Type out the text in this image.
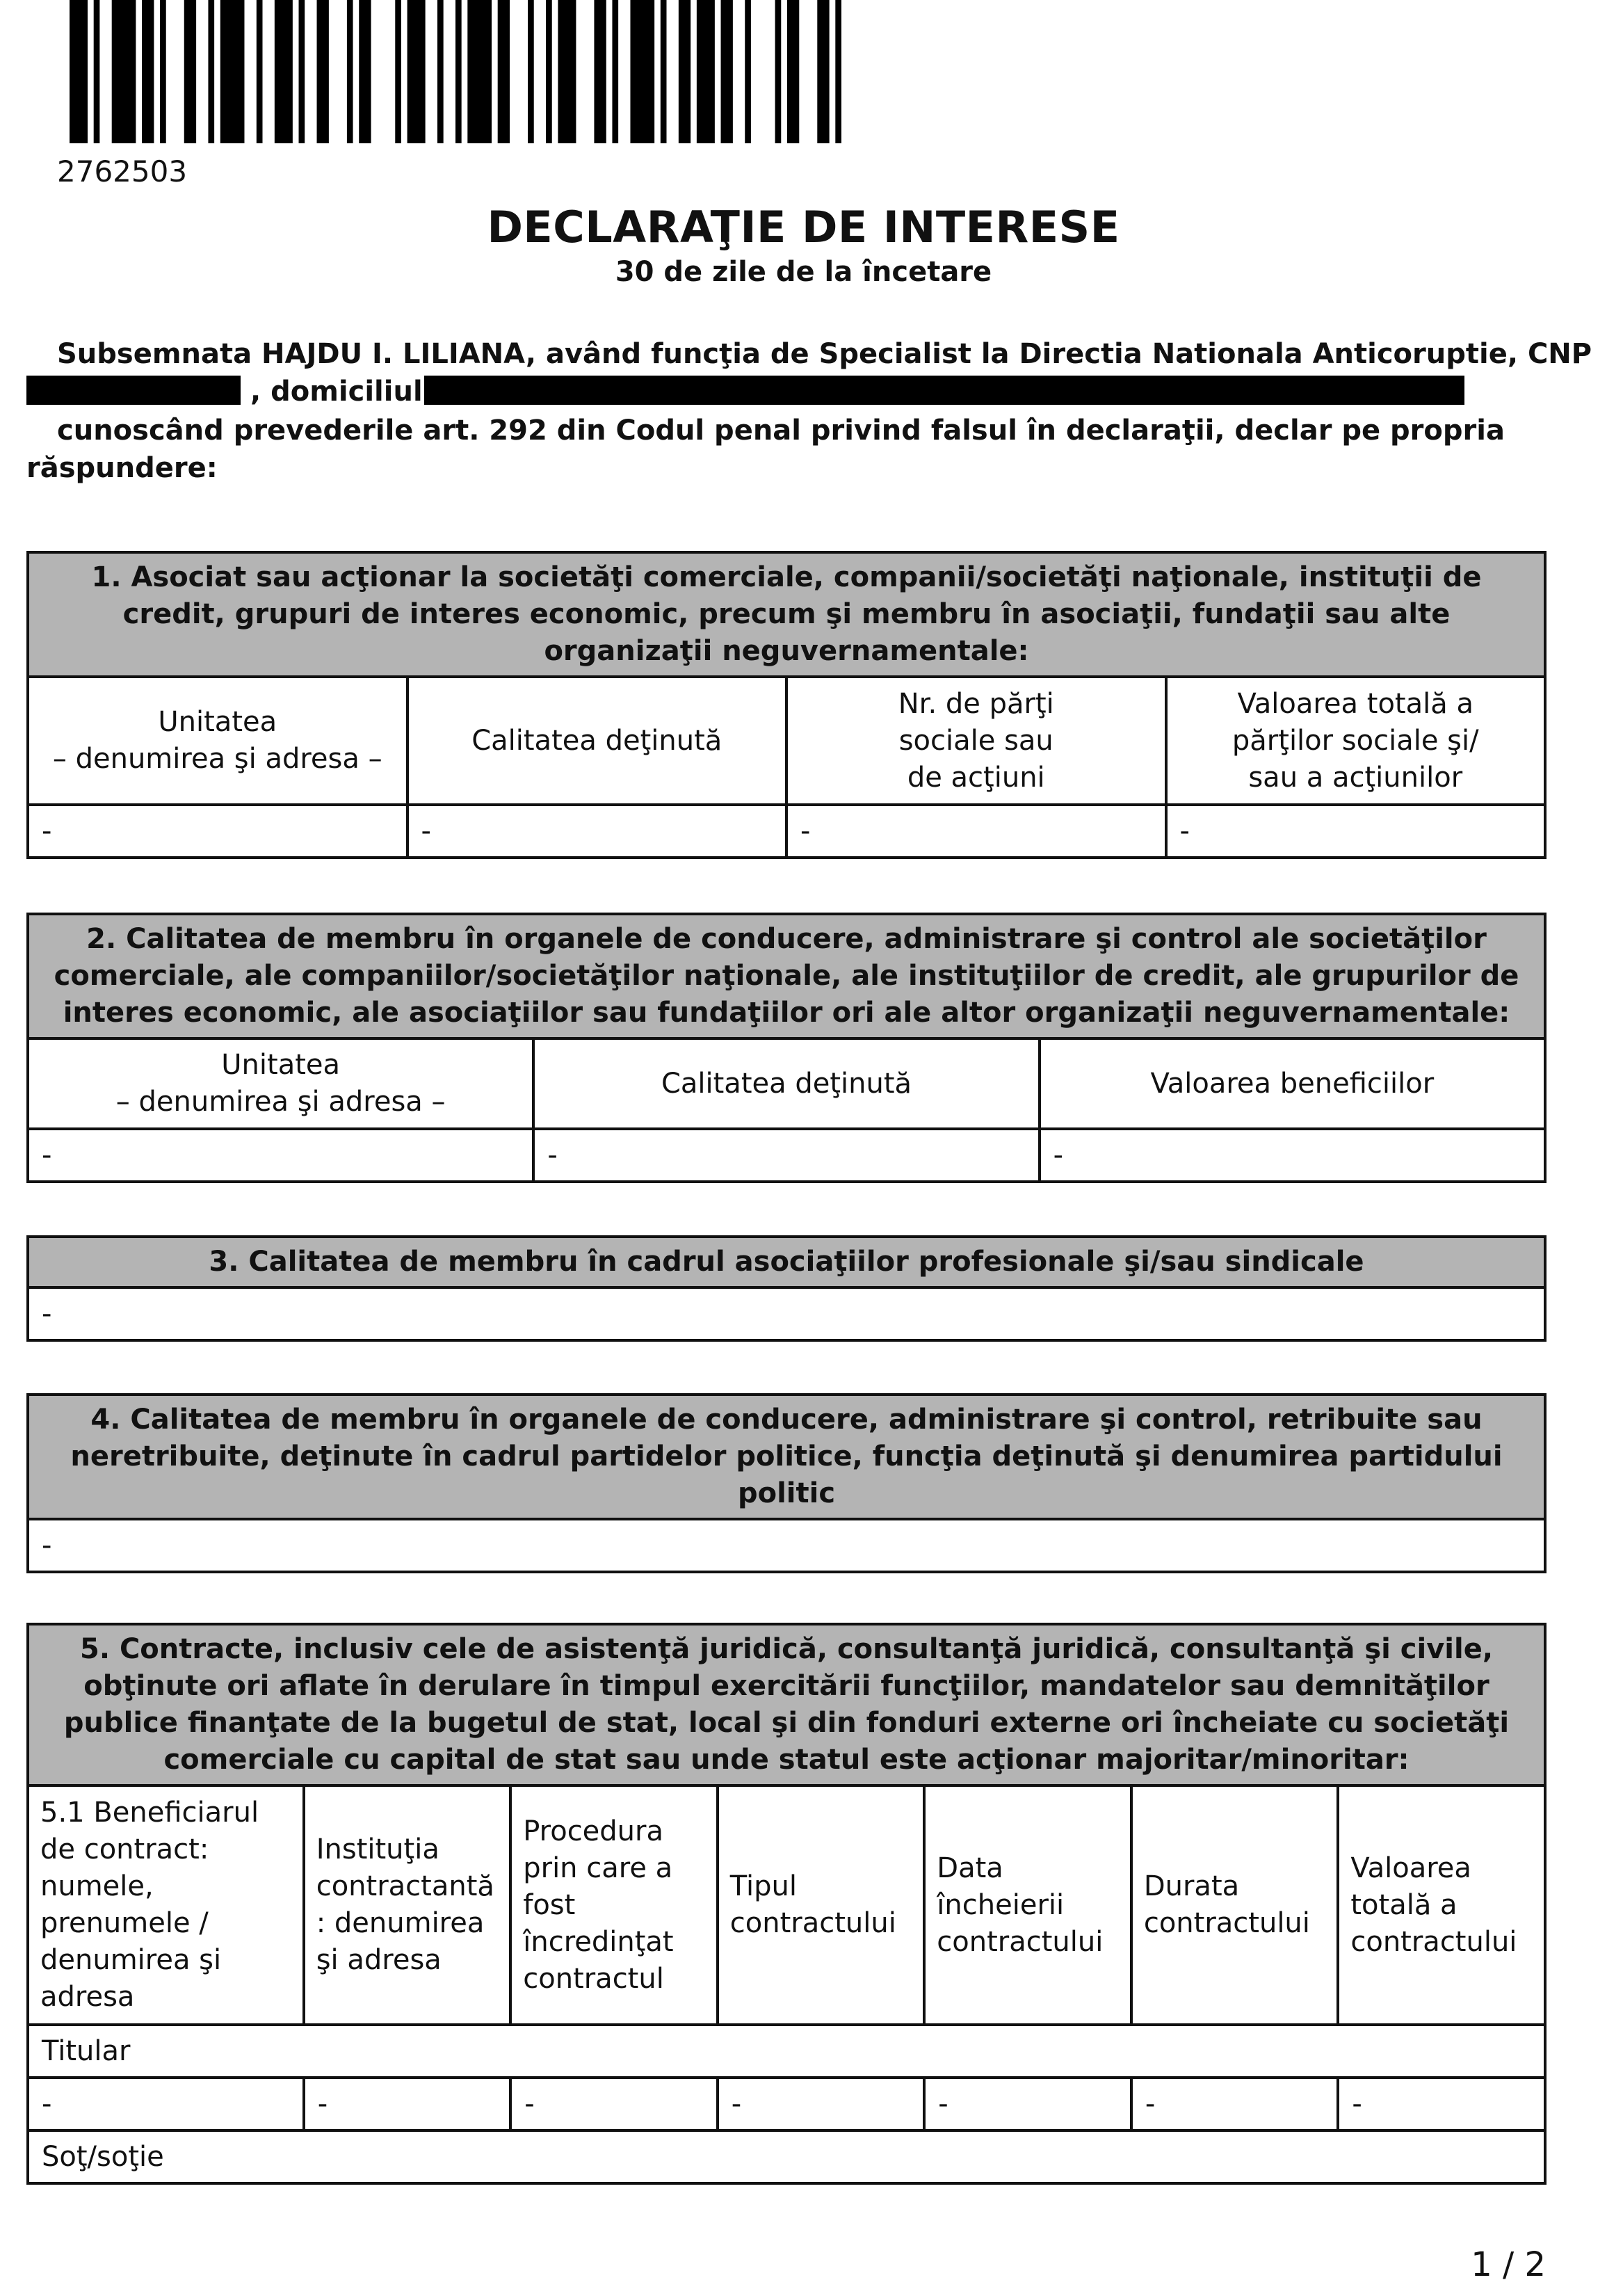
2762503
DECLARAŢIE DE INTERESE
30 de zile de la încetare
Subsemnata HAJDU I. LILIANA, având funcţia de Specialist la Directia Nationala Anticoruptie, CNP
, domiciliul
cunoscând prevederile art. 292 din Codul penal privind falsul în declaraţii, declar pe propria
răspundere:
1. Asociat sau acţionar la societăţi comerciale, companii/societăţi naţionale, instituţii de credit, grupuri de interes economic, precum şi membru în asociaţii, fundaţii sau alte organizaţii neguvernamentale:			
Unitatea
– denumirea şi adresa –	Calitatea deţinută	Nr. de părţi
sociale sau
de acţiuni	Valoarea totală a
părţilor sociale şi/
sau a acţiunilor
-	-	-	-
2. Calitatea de membru în organele de conducere, administrare şi control ale societăţilor comerciale, ale companiilor/societăţilor naţionale, ale instituţiilor de credit, ale grupurilor de interes economic, ale asociaţiilor sau fundaţiilor ori ale altor organizaţii neguvernamentale:		
Unitatea
– denumirea şi adresa –	Calitatea deţinută	Valoarea beneficiilor
-	-	-
3. Calitatea de membru în cadrul asociaţiilor profesionale şi/sau sindicale
-
4. Calitatea de membru în organele de conducere, administrare şi control, retribuite sau neretribuite, deţinute în cadrul partidelor politice, funcţia deţinută şi denumirea partidului politic
-
5. Contracte, inclusiv cele de asistenţă juridică, consultanţă juridică, consultanţă şi civile, obţinute ori aflate în derulare în timpul exercitării funcţiilor, mandatelor sau demnităţilor publice finanţate de la bugetul de stat, local şi din fonduri externe ori încheiate cu societăţi comerciale cu capital de stat sau unde statul este acţionar majoritar/minoritar:						
5.1 Beneficiarul de contract: numele, prenumele / denumirea şi adresa	Instituţia contractantă : denumirea şi adresa	Procedura prin care a fost încredinţat contractul	Tipul contractului	Data încheierii contractului	Durata contractului	Valoarea totală a contractului
Titular						
-	-	-	-	-	-	-
Soţ/soţie						
1 / 2
